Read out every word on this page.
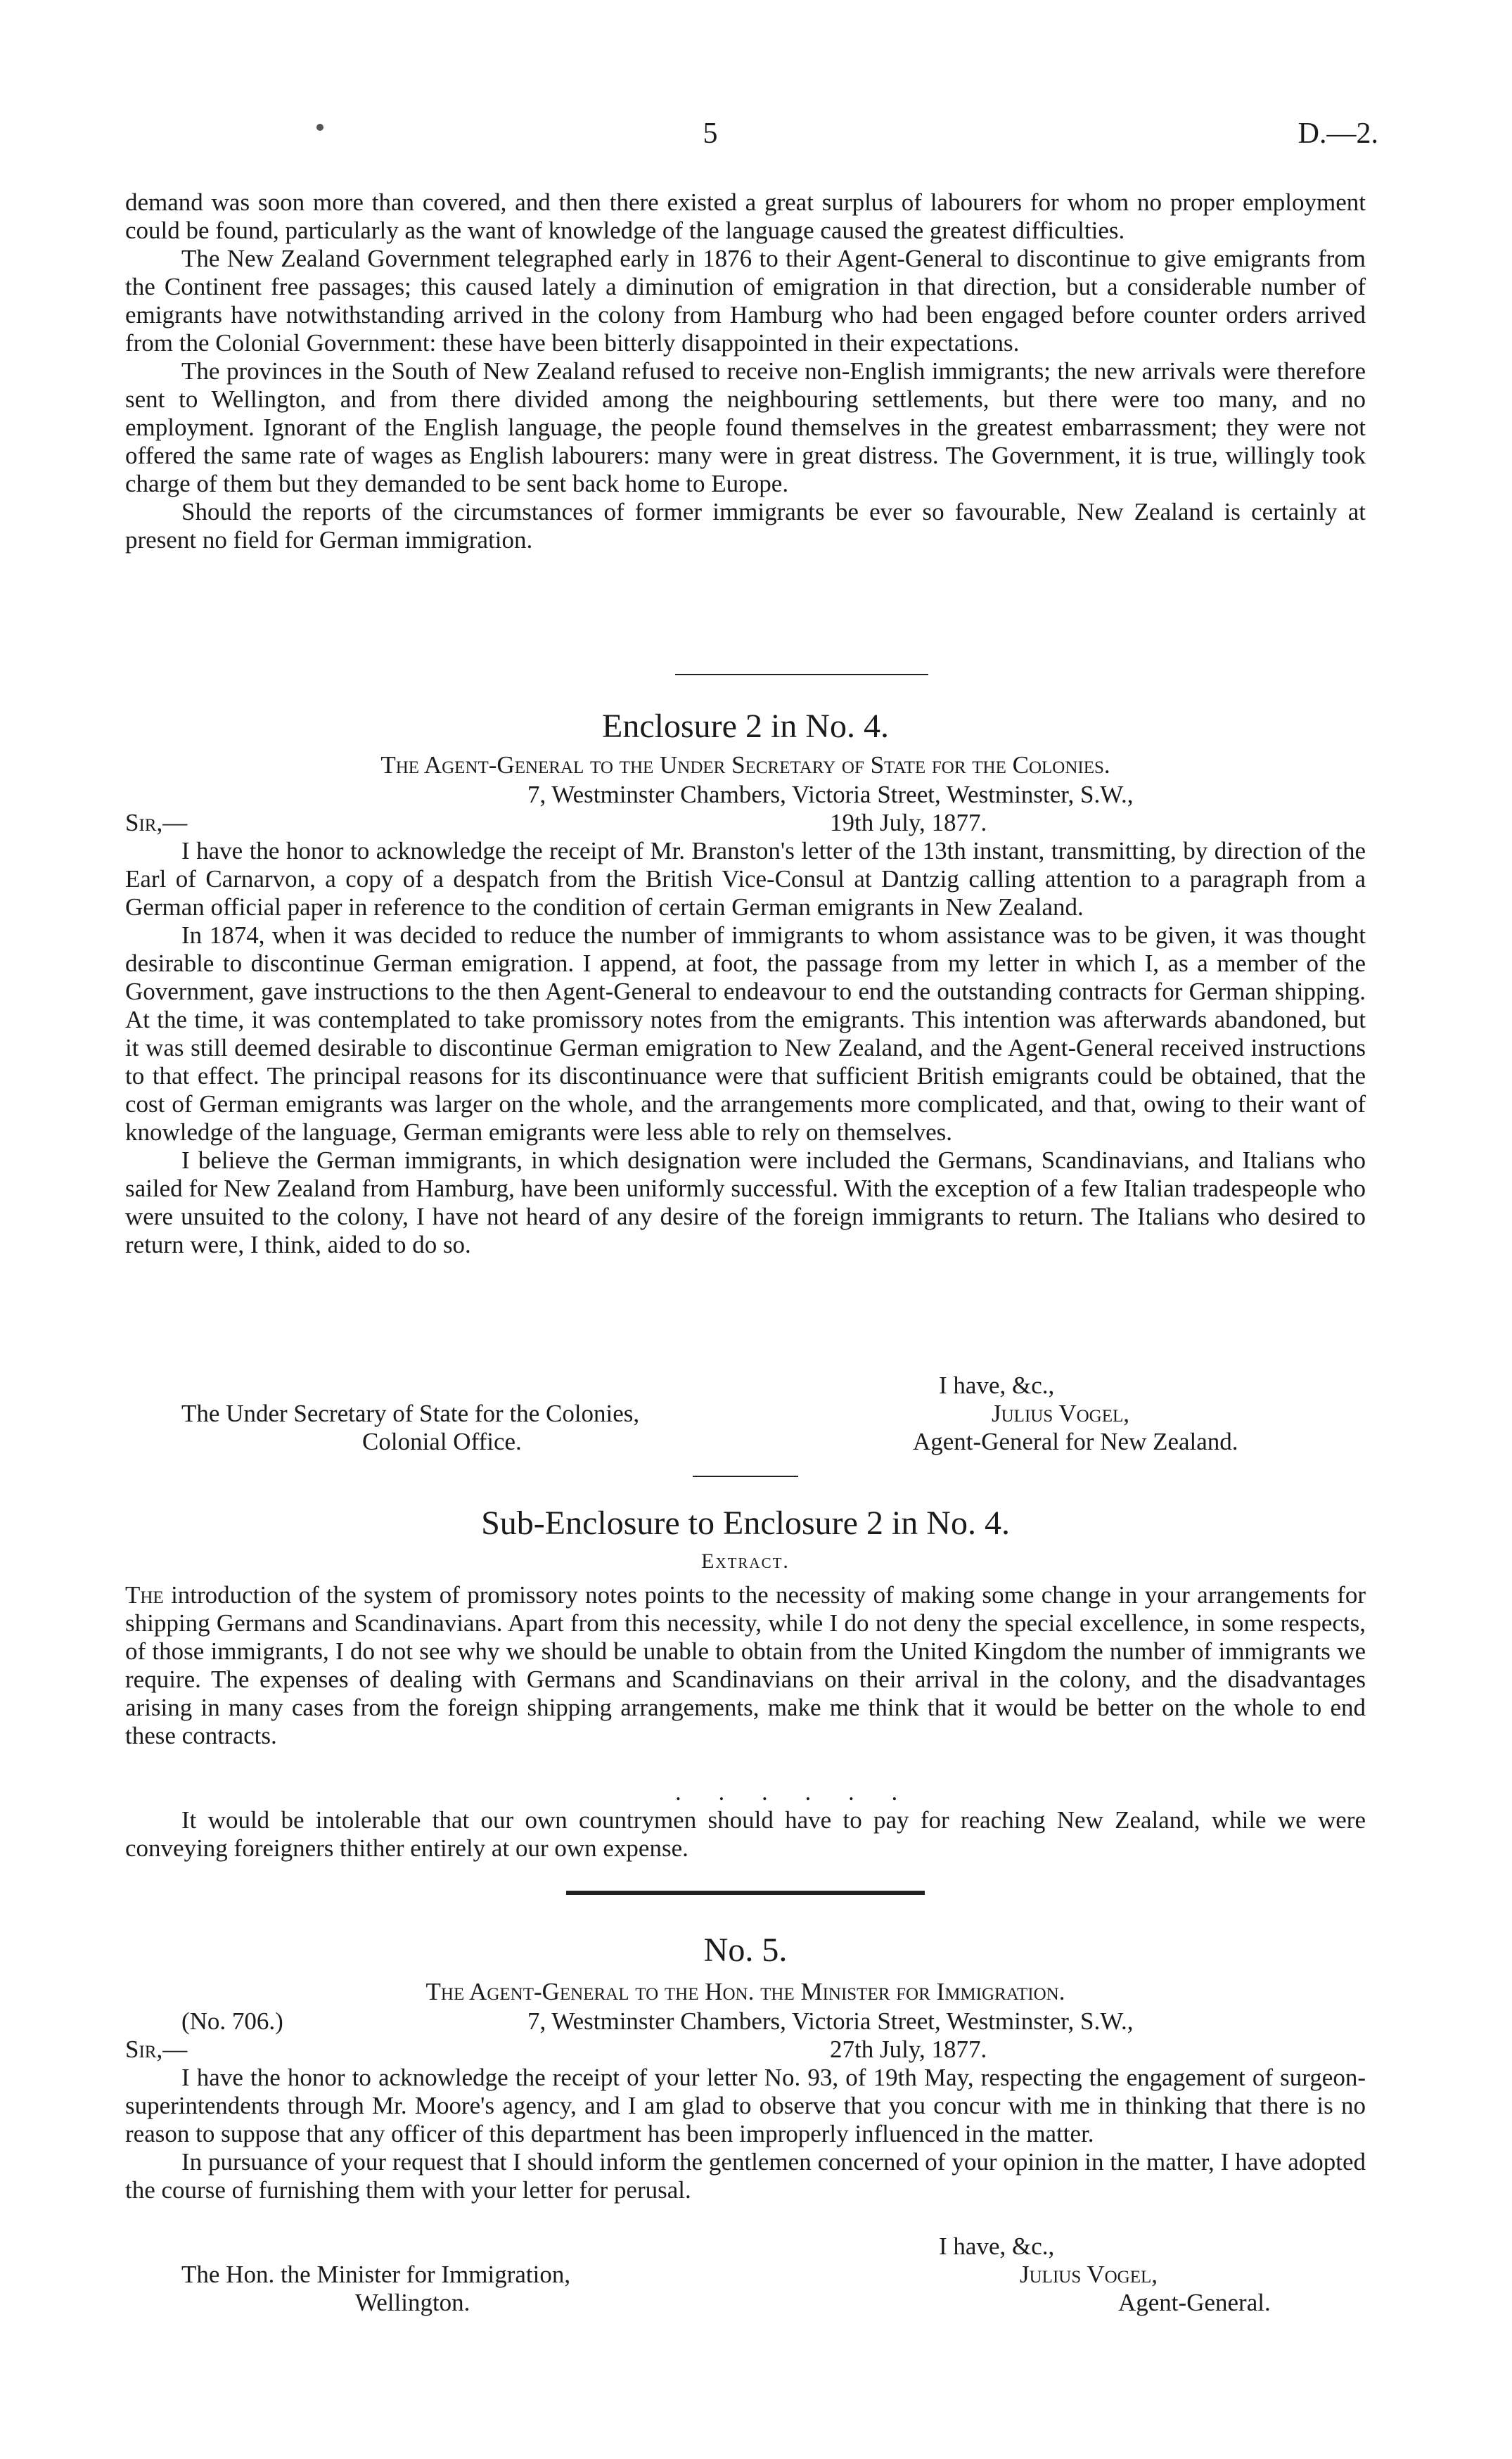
5	D.—2.

demand was soon more than covered, and then there existed a great surplus of labourers for whom no proper employment could be found, particularly as the want of knowledge of the language caused the greatest difficulties.

The New Zealand Government telegraphed early in 1876 to their Agent-General to discontinue to give emigrants from the Continent free passages; this caused lately a diminution of emigration in that direction, but a considerable number of emigrants have notwithstanding arrived in the colony from Hamburg who had been engaged before counter orders arrived from the Colonial Government: these have been bitterly disappointed in their expectations.

The provinces in the South of New Zealand refused to receive non-English immigrants; the new arrivals were therefore sent to Wellington, and from there divided among the neighbouring settlements, but there were too many, and no employment. Ignorant of the English language, the people found themselves in the greatest embarrassment; they were not offered the same rate of wages as English labourers: many were in great distress. The Government, it is true, willingly took charge of them but they demanded to be sent back home to Europe.

Should the reports of the circumstances of former immigrants be ever so favourable, New Zealand is certainly at present no field for German immigration.

Enclosure 2 in No. 4.
The Agent-General to the Under Secretary of State for the Colonies.
7, Westminster Chambers, Victoria Street, Westminster, S.W.,
Sir,—	19th July, 1877.

I have the honor to acknowledge the receipt of Mr. Branston's letter of the 13th instant, transmitting, by direction of the Earl of Carnarvon, a copy of a despatch from the British Vice-Consul at Dantzig calling attention to a paragraph from a German official paper in reference to the condition of certain German emigrants in New Zealand.

In 1874, when it was decided to reduce the number of immigrants to whom assistance was to be given, it was thought desirable to discontinue German emigration. I append, at foot, the passage from my letter in which I, as a member of the Government, gave instructions to the then Agent-General to endeavour to end the outstanding contracts for German shipping. At the time, it was contemplated to take promissory notes from the emigrants. This intention was afterwards abandoned, but it was still deemed desirable to discontinue German emigration to New Zealand, and the Agent-General received instructions to that effect. The principal reasons for its discontinuance were that sufficient British emigrants could be obtained, that the cost of German emigrants was larger on the whole, and the arrangements more complicated, and that, owing to their want of knowledge of the language, German emigrants were less able to rely on themselves.

I believe the German immigrants, in which designation were included the Germans, Scandinavians, and Italians who sailed for New Zealand from Hamburg, have been uniformly successful. With the exception of a few Italian tradespeople who were unsuited to the colony, I have not heard of any desire of the foreign immigrants to return. The Italians who desired to return were, I think, aided to do so.

I have, &c.,
The Under Secretary of State for the Colonies,	Julius Vogel,
Colonial Office.	Agent-General for New Zealand.
Sub-Enclosure to Enclosure 2 in No. 4.
Extract.

The introduction of the system of promissory notes points to the necessity of making some change in your arrangements for shipping Germans and Scandinavians. Apart from this necessity, while I do not deny the special excellence, in some respects, of those immigrants, I do not see why we should be unable to obtain from the United Kingdom the number of immigrants we require. The expenses of dealing with Germans and Scandinavians on their arrival in the colony, and the disadvantages arising in many cases from the foreign shipping arrangements, make me think that it would be better on the whole to end these contracts.

. . . . . .

It would be intolerable that our own countrymen should have to pay for reaching New Zealand, while we were conveying foreigners thither entirely at our own expense.

No. 5.
The Agent-General to the Hon. the Minister for Immigration.
(No. 706.)	7, Westminster Chambers, Victoria Street, Westminster, S.W.,
Sir,—	27th July, 1877.

I have the honor to acknowledge the receipt of your letter No. 93, of 19th May, respecting the engagement of surgeon-superintendents through Mr. Moore's agency, and I am glad to observe that you concur with me in thinking that there is no reason to suppose that any officer of this department has been improperly influenced in the matter.

In pursuance of your request that I should inform the gentlemen concerned of your opinion in the matter, I have adopted the course of furnishing them with your letter for perusal.

I have, &c.,
The Hon. the Minister for Immigration,	Julius Vogel,
Wellington.	Agent-General.
